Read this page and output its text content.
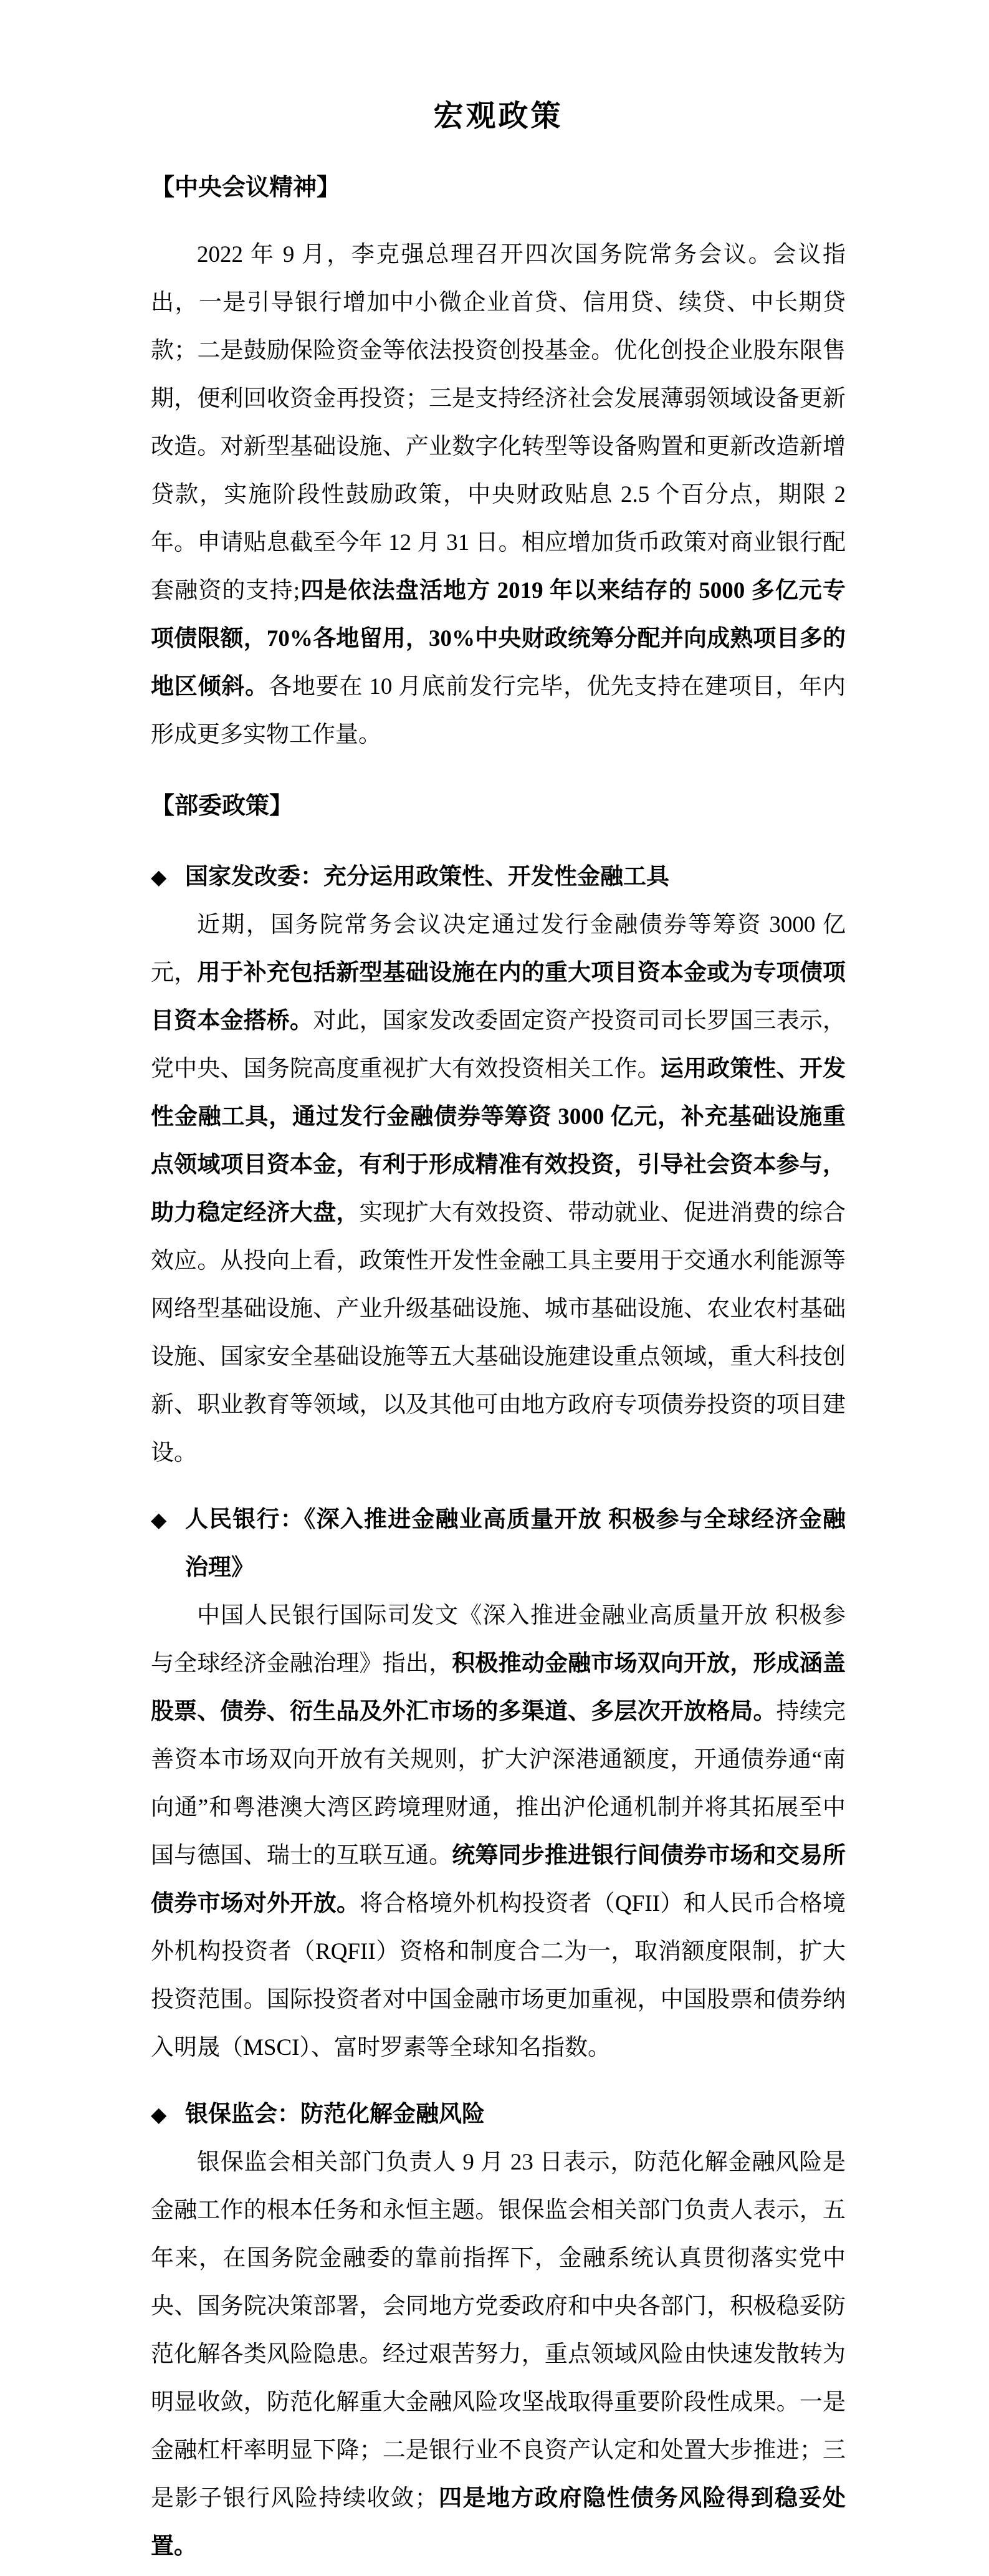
宏观政策
【中央会议精神】

2022 年 9 月，李克强总理召开四次国务院常务会议。会议指出，一是引导银行增加中小微企业首贷、信用贷、续贷、中长期贷款；二是鼓励保险资金等依法投资创投基金。优化创投企业股东限售期，便利回收资金再投资；三是支持经济社会发展薄弱领域设备更新改造。对新型基础设施、产业数字化转型等设备购置和更新改造新增贷款，实施阶段性鼓励政策，中央财政贴息 2.5 个百分点，期限 2 年。申请贴息截至今年 12 月 31 日。相应增加货币政策对商业银行配套融资的支持;四是依法盘活地方 2019 年以来结存的 5000 多亿元专项债限额，70%各地留用，30%中央财政统筹分配并向成熟项目多的地区倾斜。各地要在 10 月底前发行完毕，优先支持在建项目，年内形成更多实物工作量。

【部委政策】
◆ 国家发改委：充分运用政策性、开发性金融工具

近期，国务院常务会议决定通过发行金融债券等筹资 3000 亿元，用于补充包括新型基础设施在内的重大项目资本金或为专项债项目资本金搭桥。对此，国家发改委固定资产投资司司长罗国三表示，党中央、国务院高度重视扩大有效投资相关工作。运用政策性、开发性金融工具，通过发行金融债券等筹资 3000 亿元，补充基础设施重点领域项目资本金，有利于形成精准有效投资，引导社会资本参与，助力稳定经济大盘，实现扩大有效投资、带动就业、促进消费的综合效应。从投向上看，政策性开发性金融工具主要用于交通水利能源等网络型基础设施、产业升级基础设施、城市基础设施、农业农村基础设施、国家安全基础设施等五大基础设施建设重点领域，重大科技创新、职业教育等领域，以及其他可由地方政府专项债券投资的项目建设。

◆ 人民银行：《深入推进金融业高质量开放 积极参与全球经济金融治理》

中国人民银行国际司发文《深入推进金融业高质量开放 积极参与全球经济金融治理》指出，积极推动金融市场双向开放，形成涵盖股票、债券、衍生品及外汇市场的多渠道、多层次开放格局。持续完善资本市场双向开放有关规则，扩大沪深港通额度，开通债券通“南向通”和粤港澳大湾区跨境理财通，推出沪伦通机制并将其拓展至中国与德国、瑞士的互联互通。统筹同步推进银行间债券市场和交易所债券市场对外开放。将合格境外机构投资者（QFII）和人民币合格境外机构投资者（RQFII）资格和制度合二为一，取消额度限制，扩大投资范围。国际投资者对中国金融市场更加重视，中国股票和债券纳入明晟（MSCI）、富时罗素等全球知名指数。

◆ 银保监会：防范化解金融风险

银保监会相关部门负责人 9 月 23 日表示，防范化解金融风险是金融工作的根本任务和永恒主题。银保监会相关部门负责人表示，五年来，在国务院金融委的靠前指挥下，金融系统认真贯彻落实党中央、国务院决策部署，会同地方党委政府和中央各部门，积极稳妥防范化解各类风险隐患。经过艰苦努力，重点领域风险由快速发散转为明显收敛，防范化解重大金融风险攻坚战取得重要阶段性成果。一是金融杠杆率明显下降；二是银行业不良资产认定和处置大步推进；三是影子银行风险持续收敛；四是地方政府隐性债务风险得到稳妥处置。
